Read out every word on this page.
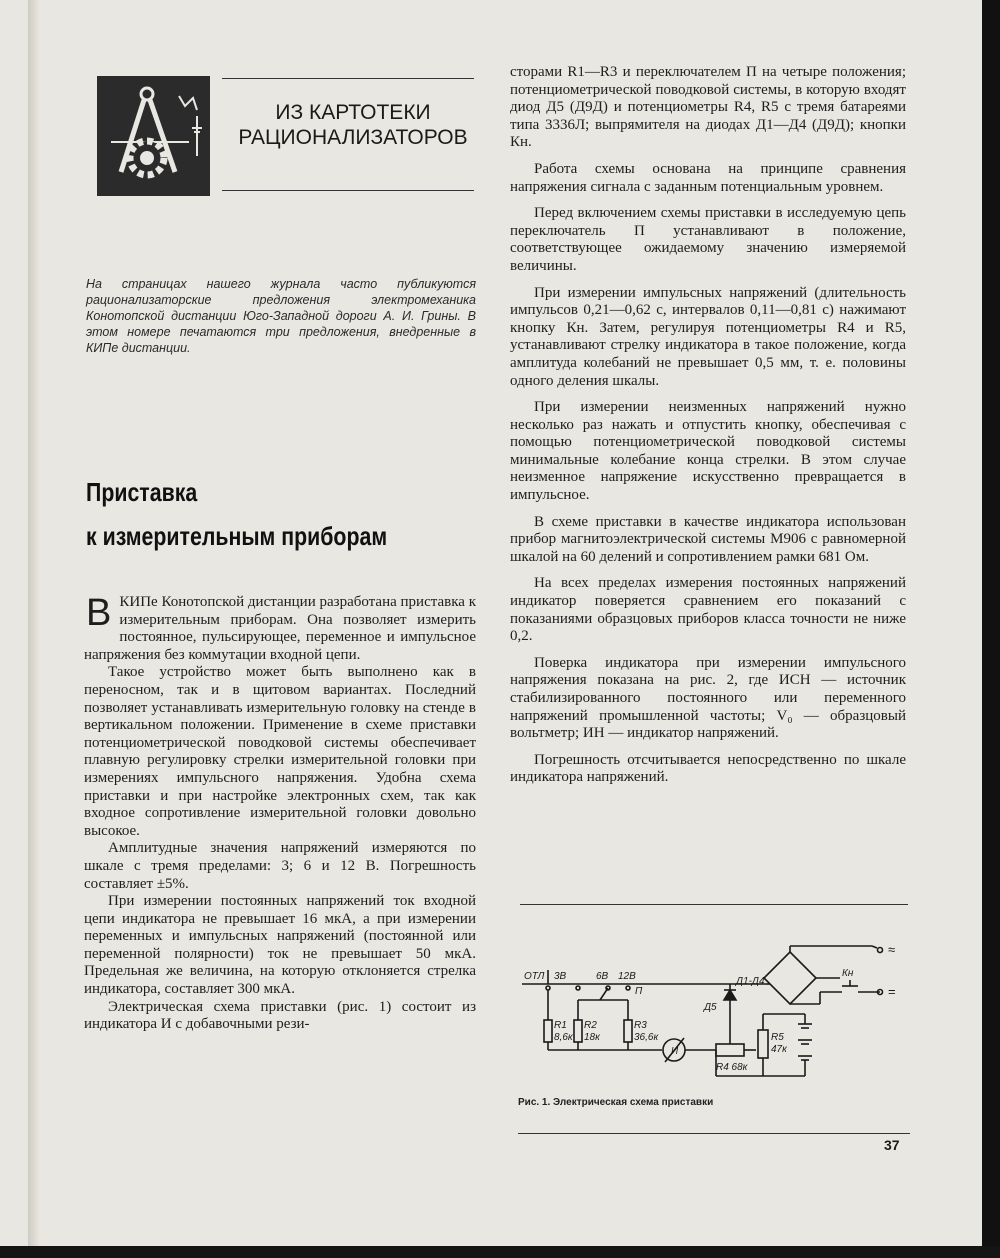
ИЗ КАРТОТЕКИ
РАЦИОНАЛИЗАТОРОВ
На страницах нашего журнала часто публикуются рационализаторские предложения электромеханика Конотопской дистанции Юго-Западной дороги А. И. Грины. В этом номере печатаются три предложения, внедренные в КИПе дистанции.
Приставка
к измерительным приборам

В КИПе Конотопской дистанции разработана приставка к измерительным приборам. Она позволяет измерить постоянное, пульсирующее, переменное и импульсное напряжения без коммутации входной цепи.

Такое устройство может быть выполнено как в переносном, так и в щитовом вариантах. Последний позволяет устанавливать измерительную головку на стенде в вертикальном положении. Применение в схеме приставки потенциометрической поводковой системы обеспечивает плавную регулировку стрелки измерительной головки при измерениях импульсного напряжения. Удобна схема приставки и при настройке электронных схем, так как входное сопротивление измерительной головки довольно высокое.

Амплитудные значения напряжений измеряются по шкале с тремя пределами: 3; 6 и 12 В. Погрешность составляет ±5%.

При измерении постоянных напряжений ток входной цепи индикатора не превышает 16 мкА, а при измерении переменных и импульсных напряжений (постоянной или переменной полярности) ток не превышает 50 мкА. Предельная же величина, на которую отклоняется стрелка индикатора, составляет 300 мкА.

Электрическая схема приставки (рис. 1) состоит из индикатора И с добавочными рези-

сторами R1—R3 и переключателем П на четыре положения; потенциометрической поводковой системы, в которую входят диод Д5 (Д9Д) и потенциометры R4, R5 с тремя батареями типа 3336Л; выпрямителя на диодах Д1—Д4 (Д9Д); кнопки Кн.

Работа схемы основана на принципе сравнения напряжения сигнала с заданным потенциальным уровнем.

Перед включением схемы приставки в исследуемую цепь переключатель П устанавливают в положение, соответствующее ожидаемому значению измеряемой величины.

При измерении импульсных напряжений (длительность импульсов 0,21—0,62 с, интервалов 0,11—0,81 с) нажимают кнопку Кн. Затем, регулируя потенциометры R4 и R5, устанавливают стрелку индикатора в такое положение, когда амплитуда колебаний не превышает 0,5 мм, т. е. половины одного деления шкалы.

При измерении неизменных напряжений нужно несколько раз нажать и отпустить кнопку, обеспечивая с помощью потенциометрической поводковой системы минимальные колебание конца стрелки. В этом случае неизменное напряжение искусственно превращается в импульсное.

В схеме приставки в качестве индикатора использован прибор магнитоэлектрической системы М906 с равномерной шкалой на 60 делений и сопротивлением рамки 681 Ом.

На всех пределах измерения постоянных напряжений индикатор поверяется сравнением его показаний с показаниями образцовых приборов класса точности не ниже 0,2.

Поверка индикатора при измерении импульсного напряжения показана на рис. 2, где ИСН — источник стабилизированного постоянного или переменного напряжений промышленной частоты; V₀ — образцовый вольтметр; ИН — индикатор напряжений.

Погрешность отсчитывается непосредственно по шкале индикатора напряжений.

ОТЛ 3В	6В 12В
П
R1
8,6к
R2
18к
R3
36,6к
И
R4 68к
R5
47к
Д5
Д1-Д4
Кн
≈
=
Рис. 1. Электрическая схема приставки
37
